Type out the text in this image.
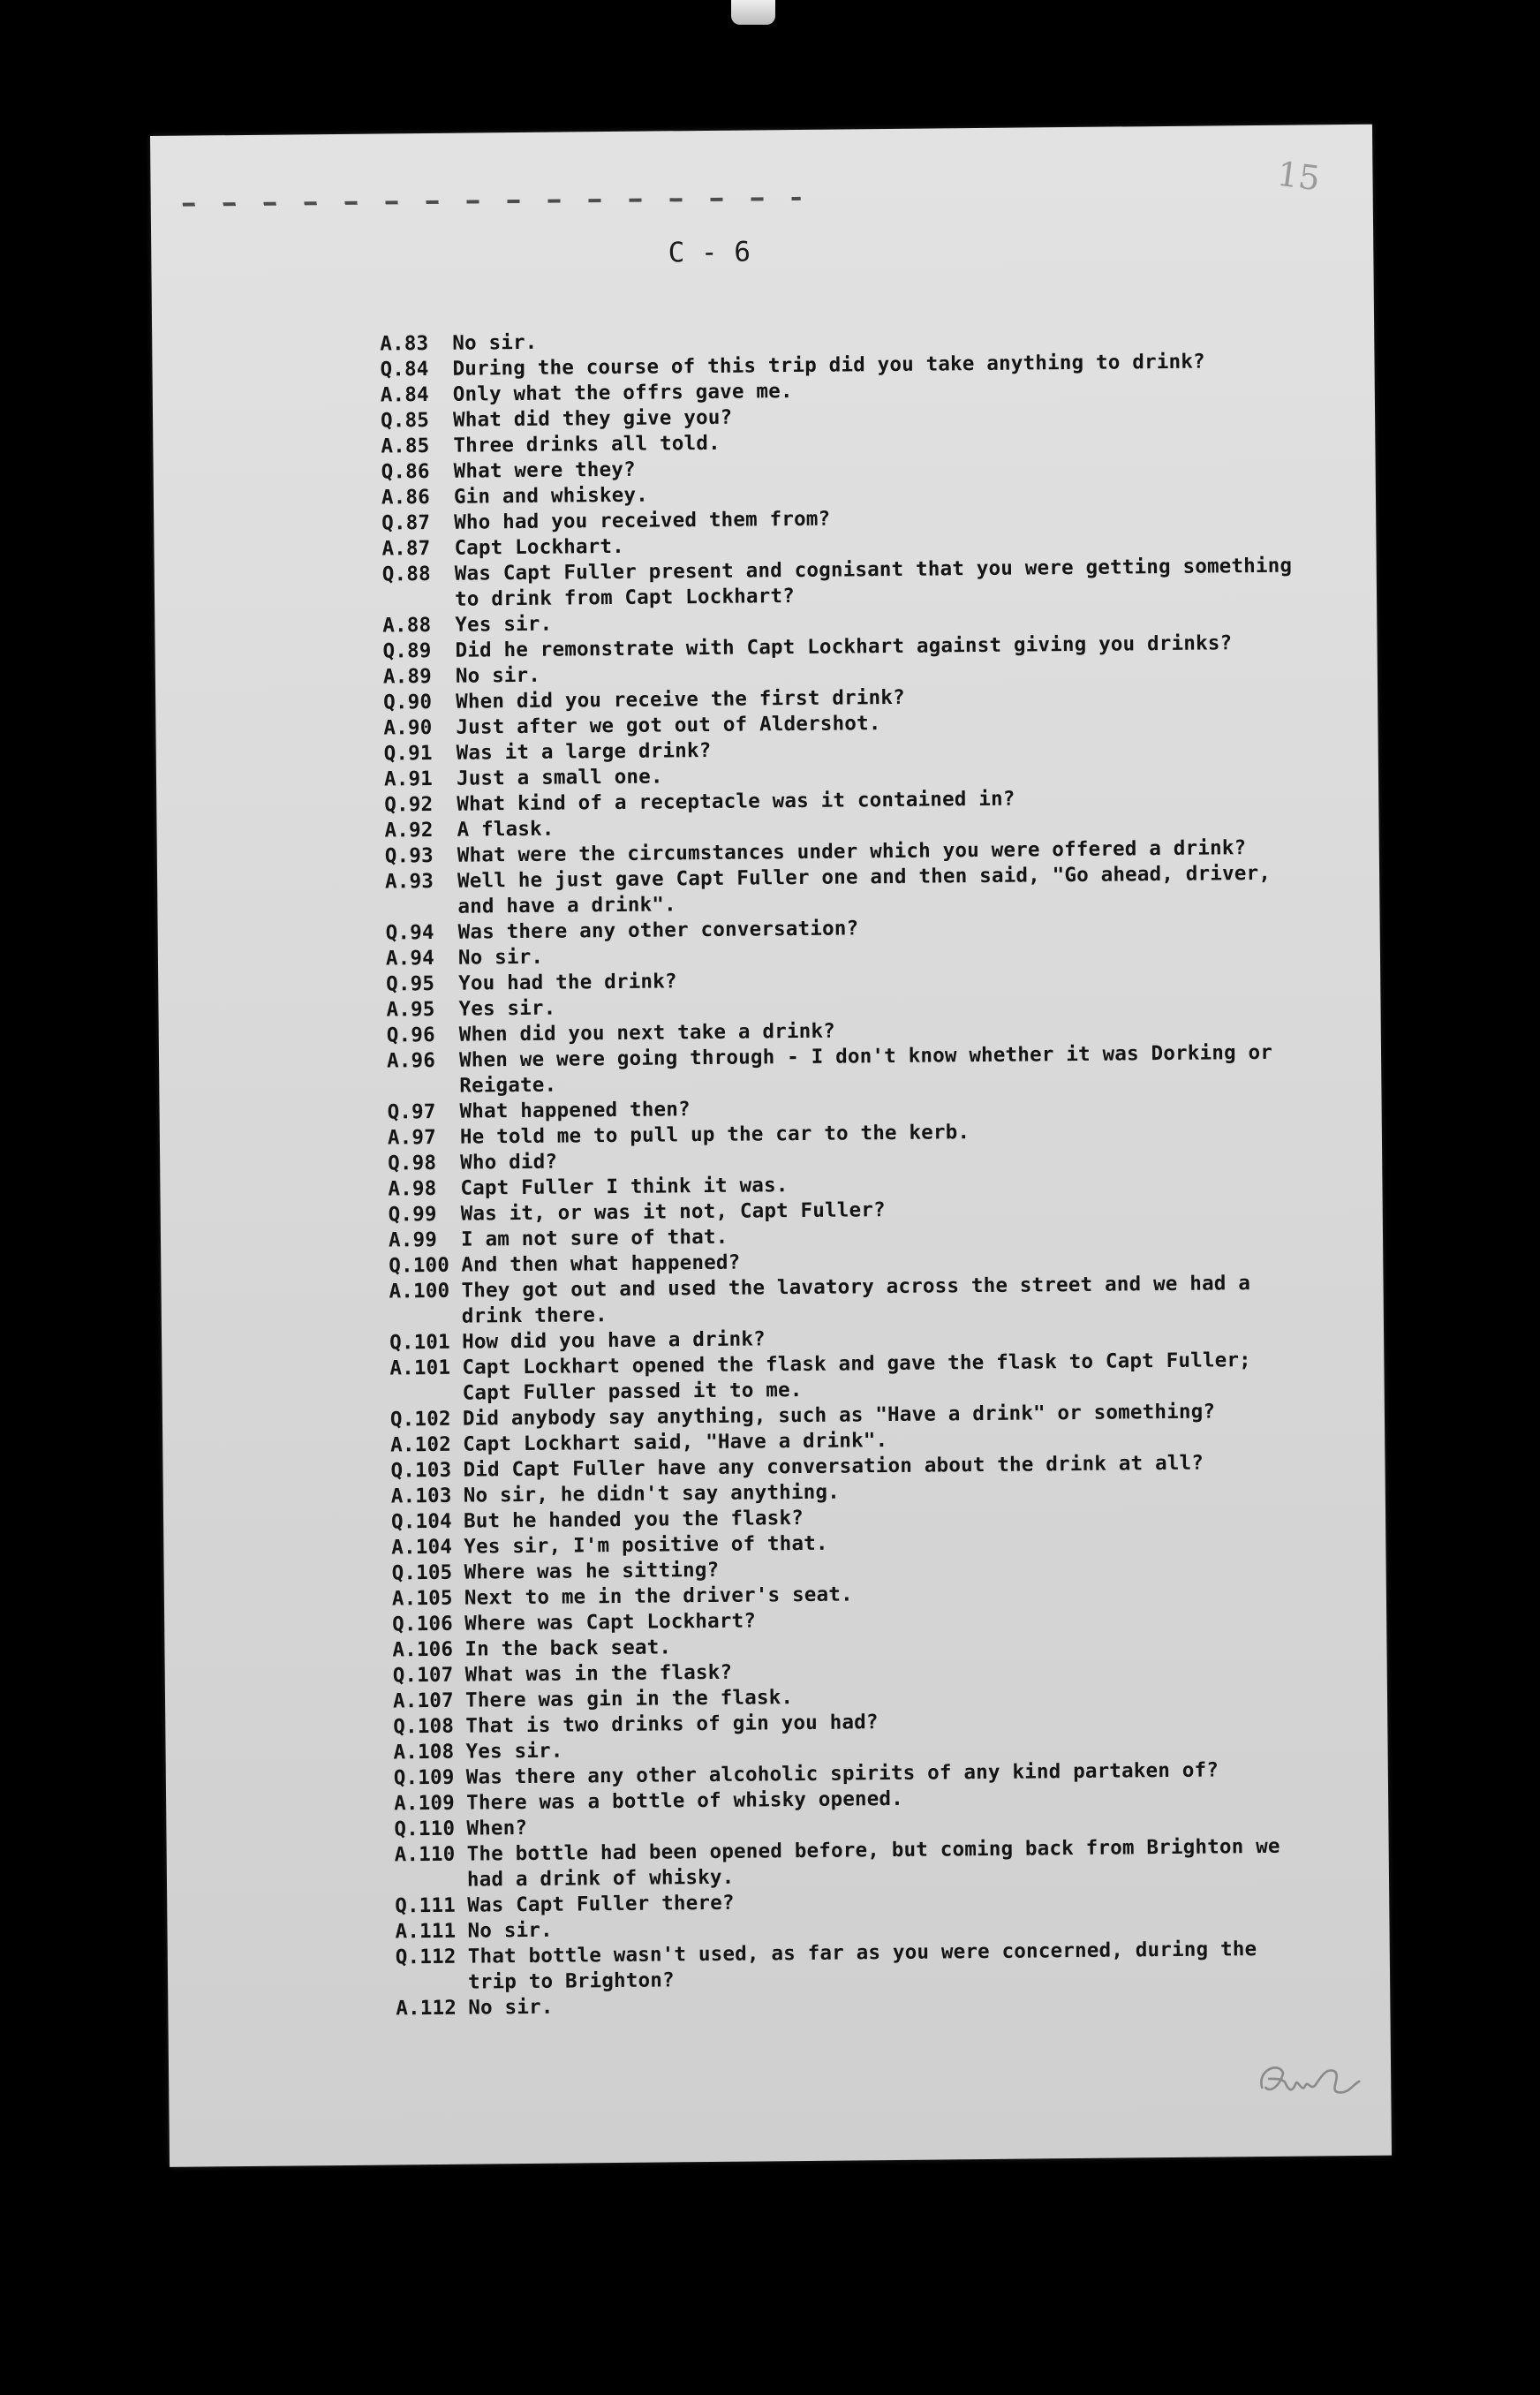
15
C - 6
A.83	No sir.
Q.84	During the course of this trip did you take anything to drink?
A.84	Only what the offrs gave me.
Q.85	What did they give you?
A.85	Three drinks all told.
Q.86	What were they?
A.86	Gin and whiskey.
Q.87	Who had you received them from?
A.87	Capt Lockhart.
Q.88	Was Capt Fuller present and cognisant that you were getting something
to drink from Capt Lockhart?
A.88	Yes sir.
Q.89	Did he remonstrate with Capt Lockhart against giving you drinks?
A.89	No sir.
Q.90	When did you receive the first drink?
A.90	Just after we got out of Aldershot.
Q.91	Was it a large drink?
A.91	Just a small one.
Q.92	What kind of a receptacle was it contained in?
A.92	A flask.
Q.93	What were the circumstances under which you were offered a drink?
A.93	Well he just gave Capt Fuller one and then said, "Go ahead, driver,
and have a drink".
Q.94	Was there any other conversation?
A.94	No sir.
Q.95	You had the drink?
A.95	Yes sir.
Q.96	When did you next take a drink?
A.96	When we were going through - I don't know whether it was Dorking or
Reigate.
Q.97	What happened then?
A.97	He told me to pull up the car to the kerb.
Q.98	Who did?
A.98	Capt Fuller I think it was.
Q.99	Was it, or was it not, Capt Fuller?
A.99	I am not sure of that.
Q.100 And then what happened?
A.100 They got out and used the lavatory across the street and we had a
drink there.
Q.101 How did you have a drink?
A.101 Capt Lockhart opened the flask and gave the flask to Capt Fuller;
Capt Fuller passed it to me.
Q.102 Did anybody say anything, such as "Have a drink" or something?
A.102 Capt Lockhart said, "Have a drink".
Q.103 Did Capt Fuller have any conversation about the drink at all?
A.103 No sir, he didn't say anything.
Q.104 But he handed you the flask?
A.104 Yes sir, I'm positive of that.
Q.105 Where was he sitting?
A.105 Next to me in the driver's seat.
Q.106 Where was Capt Lockhart?
A.106 In the back seat.
Q.107 What was in the flask?
A.107 There was gin in the flask.
Q.108 That is two drinks of gin you had?
A.108 Yes sir.
Q.109 Was there any other alcoholic spirits of any kind partaken of?
A.109 There was a bottle of whisky opened.
Q.110 When?
A.110 The bottle had been opened before, but coming back from Brighton we
had a drink of whisky.
Q.111 Was Capt Fuller there?
A.111 No sir.
Q.112 That bottle wasn't used, as far as you were concerned, during the
trip to Brighton?
A.112 No sir.
